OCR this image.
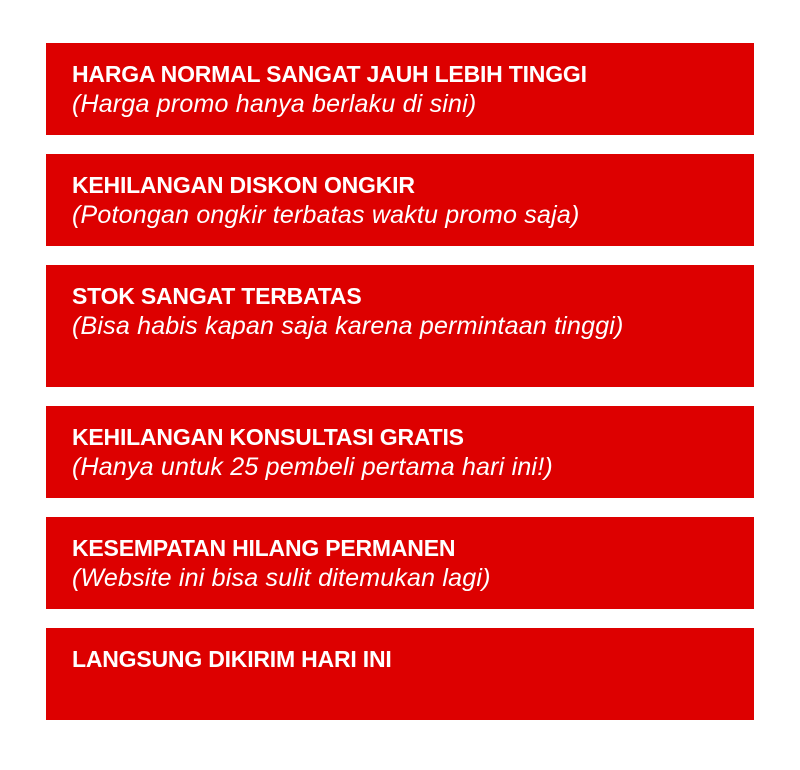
HARGA NORMAL SANGAT JAUH LEBIH TINGGI
(Harga promo hanya berlaku di sini)
KEHILANGAN DISKON ONGKIR
(Potongan ongkir terbatas waktu promo saja)
STOK SANGAT TERBATAS
(Bisa habis kapan saja karena permintaan tinggi)
KEHILANGAN KONSULTASI GRATIS
(Hanya untuk 25 pembeli pertama hari ini!)
KESEMPATAN HILANG PERMANEN
(Website ini bisa sulit ditemukan lagi)
LANGSUNG DIKIRIM HARI INI
